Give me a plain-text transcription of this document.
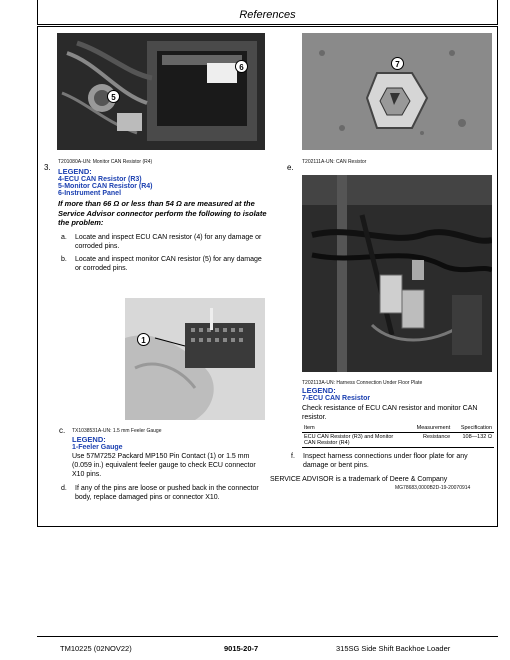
References
6
5
7
3.
T201080A-UN: Monitor CAN Resistor (R4)
e.
T202111A-UN: CAN Resistor
LEGEND:
4-ECU CAN Resistor (R3)
5-Monitor CAN Resistor (R4)
6-Instrument Panel
If more than 66 Ω or less than 54 Ω are measured at the Service Advisor connector perform the following to isolate the problem:
a. Locate and inspect ECU CAN resistor (4) for any damage or corroded pins.
b. Locate and inspect monitor CAN resistor (5) for any damage or corroded pins.
1
c. TX1038531A-UN: 1.5 mm Feeler Gauge
LEGEND:
1-Feeler Gauge
Use 57M7252 Packard MP150 Pin Contact (1) or 1.5 mm (0.059 in.) equivalent feeler gauge to check ECU connector X10 pins.
d. If any of the pins are loose or pushed back in the connector body, replace damaged pins or connector X10.
T202113A-UN: Harness Connection Under Floor Plate
LEGEND:
7-ECU CAN Resistor
Check resistance of ECU CAN resistor and monitor CAN resistor.
Item	Measurement	Specification
ECU CAN Resistor (R3) and Monitor CAN Resistor (R4)	Resistance	108—132 Ω
f. Inspect harness connections under floor plate for any damage or bent pins.
SERVICE ADVISOR is a trademark of Deere & Company
MG78683,0000B2D-19-20070914
TM10225 (02NOV22)	9015-20-7	315SG Side Shift Backhoe Loader
